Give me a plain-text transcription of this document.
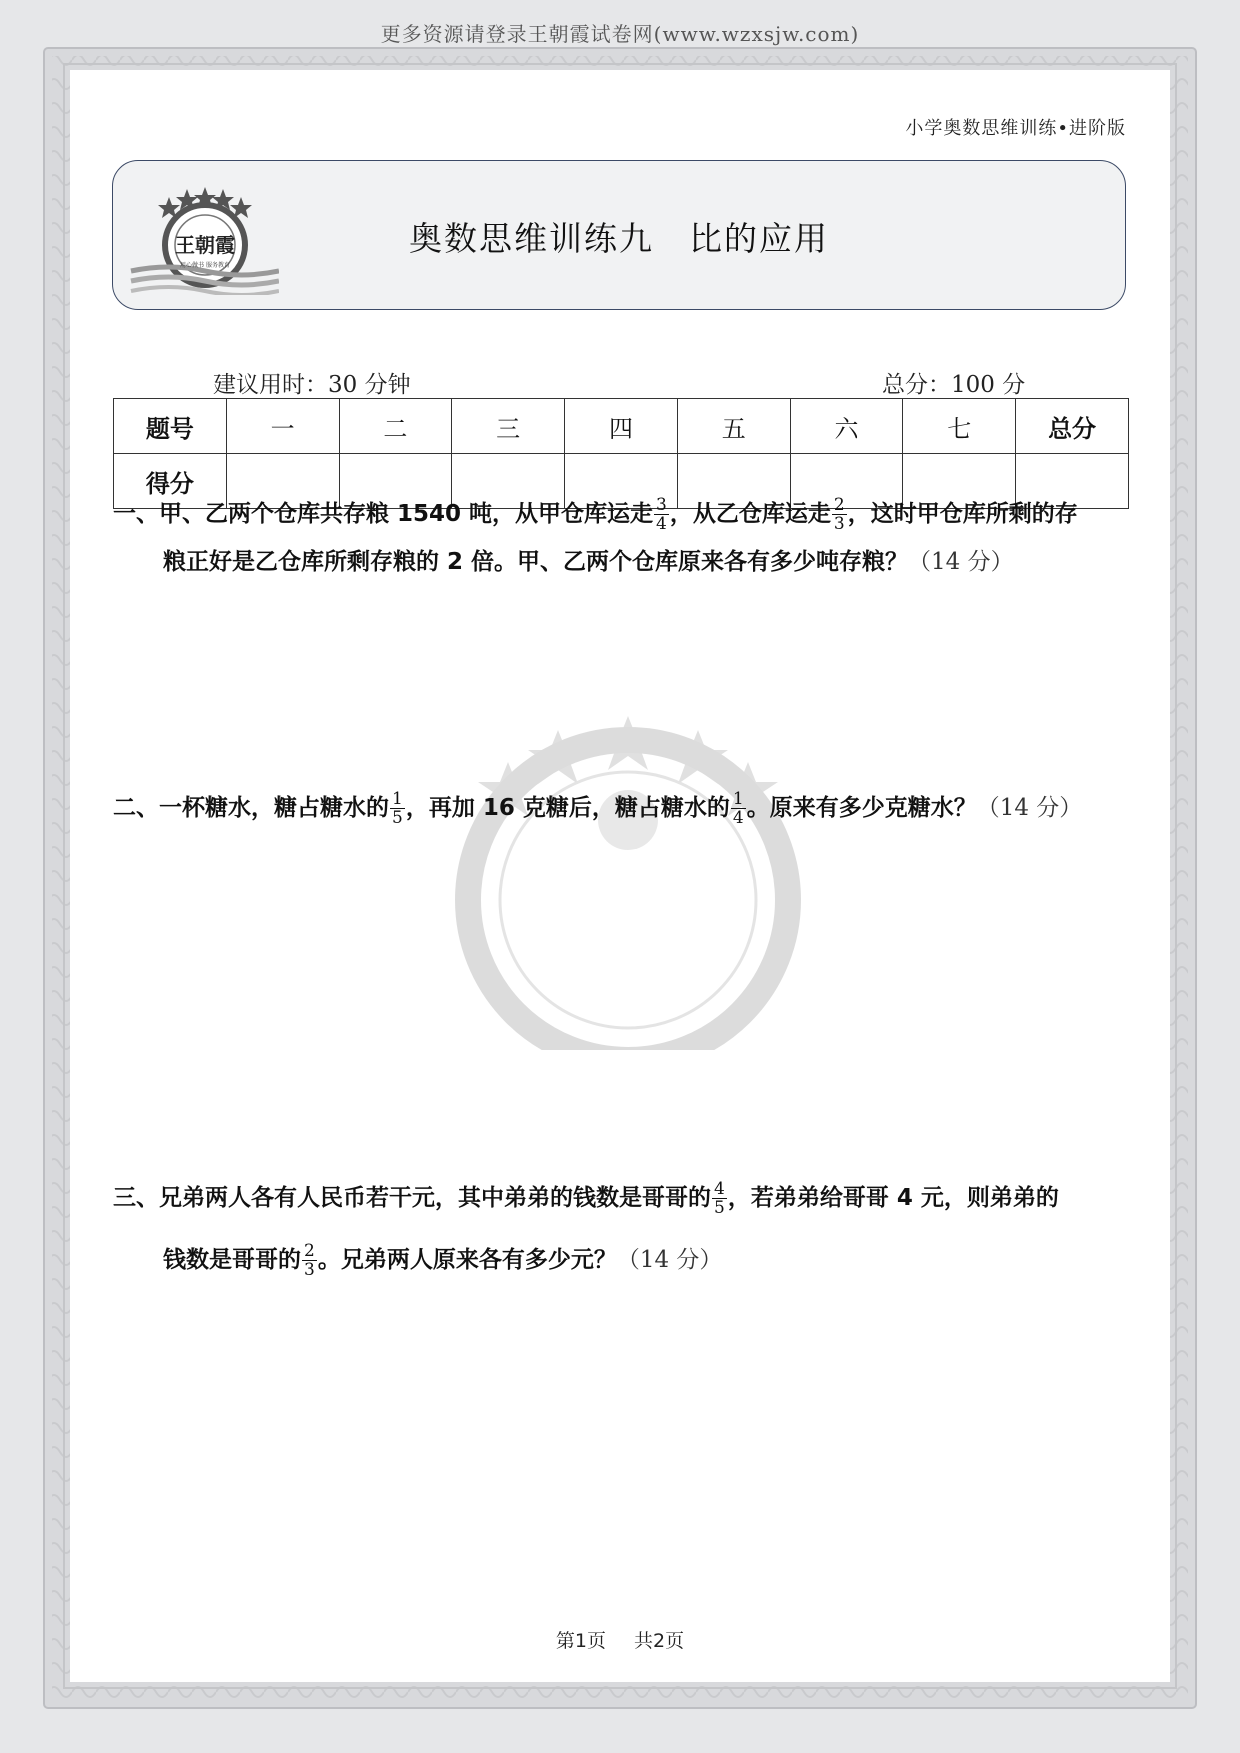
更多资源请登录王朝霞试卷网(www.wzxsjw.com)
小学奥数思维训练•进阶版
王朝霞
用心做书 服务教育
奥数思维训练九　比的应用
建议用时：30 分钟	总分：100 分
题号	一	二	三	四	五	六	七	总分
得分								
一、甲、乙两个仓库共存粮 1540 吨，从甲仓库运走 $\frac{3}{4}$ ，从乙仓库运走 $\frac{2}{3}$ ，这时甲仓库所剩的存
粮正好是乙仓库所剩存粮的 2 倍。甲、乙两个仓库原来各有多少吨存粮？（14 分）
二、一杯糖水，糖占糖水的 $\frac{1}{5}$ ，再加 16 克糖后，糖占糖水的 $\frac{1}{4}$ 。原来有多少克糖水？（14 分）
三、兄弟两人各有人民币若干元，其中弟弟的钱数是哥哥的 $\frac{4}{5}$ ，若弟弟给哥哥 4 元，则弟弟的
钱数是哥哥的 $\frac{2}{3}$ 。兄弟两人原来各有多少元？（14 分）
第1页 共2页
